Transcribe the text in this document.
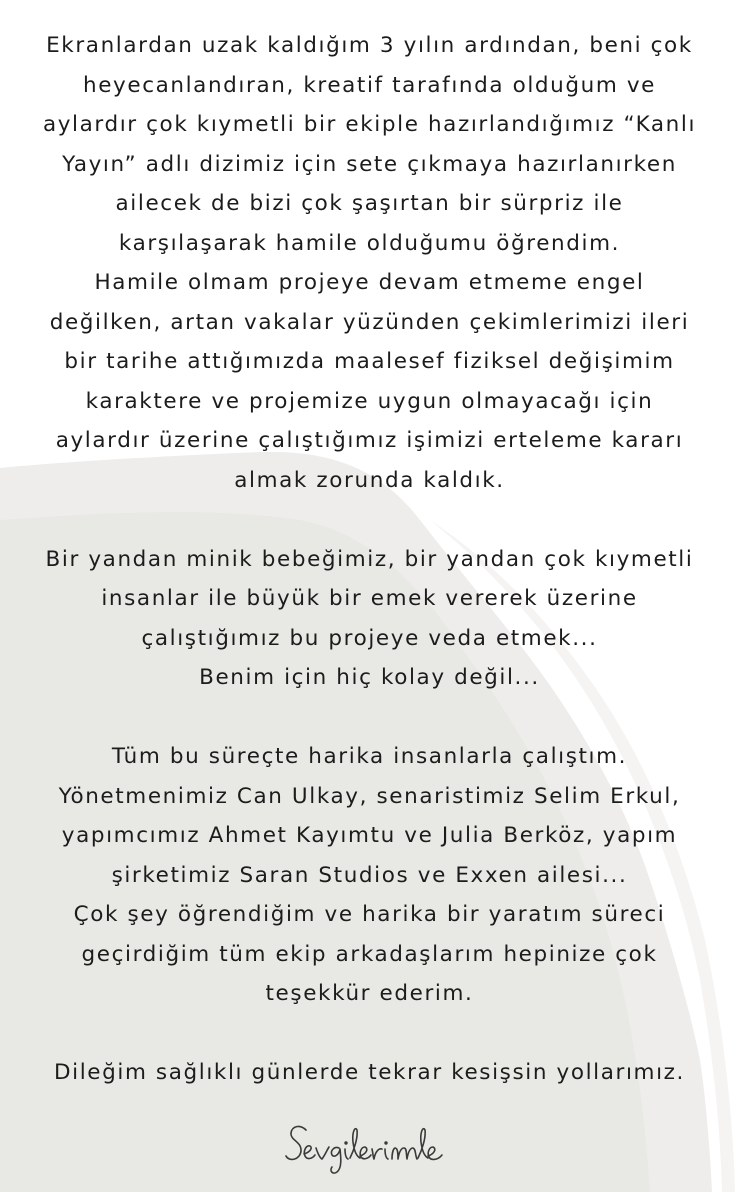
Ekranlardan uzak kaldığım 3 yılın ardından, beni çok
heyecanlandıran, kreatif tarafında olduğum ve
aylardır çok kıymetli bir ekiple hazırlandığımız “Kanlı
Yayın” adlı dizimiz için sete çıkmaya hazırlanırken
ailecek de bizi çok şaşırtan bir sürpriz ile
karşılaşarak hamile olduğumu öğrendim.
Hamile olmam projeye devam etmeme engel
değilken, artan vakalar yüzünden çekimlerimizi ileri
bir tarihe attığımızda maalesef fiziksel değişimim
karaktere ve projemize uygun olmayacağı için
aylardır üzerine çalıştığımız işimizi erteleme kararı
almak zorunda kaldık.

Bir yandan minik bebeğimiz, bir yandan çok kıymetli
insanlar ile büyük bir emek vererek üzerine
çalıştığımız bu projeye veda etmek...
Benim için hiç kolay değil...

Tüm bu süreçte harika insanlarla çalıştım.
Yönetmenimiz Can Ulkay, senaristimiz Selim Erkul,
yapımcımız Ahmet Kayımtu ve Julia Berköz, yapım
şirketimiz Saran Studios ve Exxen ailesi...
Çok şey öğrendiğim ve harika bir yaratım süreci
geçirdiğim tüm ekip arkadaşlarım hepinize çok
teşekkür ederim.

Dileğim sağlıklı günlerde tekrar kesişsin yollarımız.
